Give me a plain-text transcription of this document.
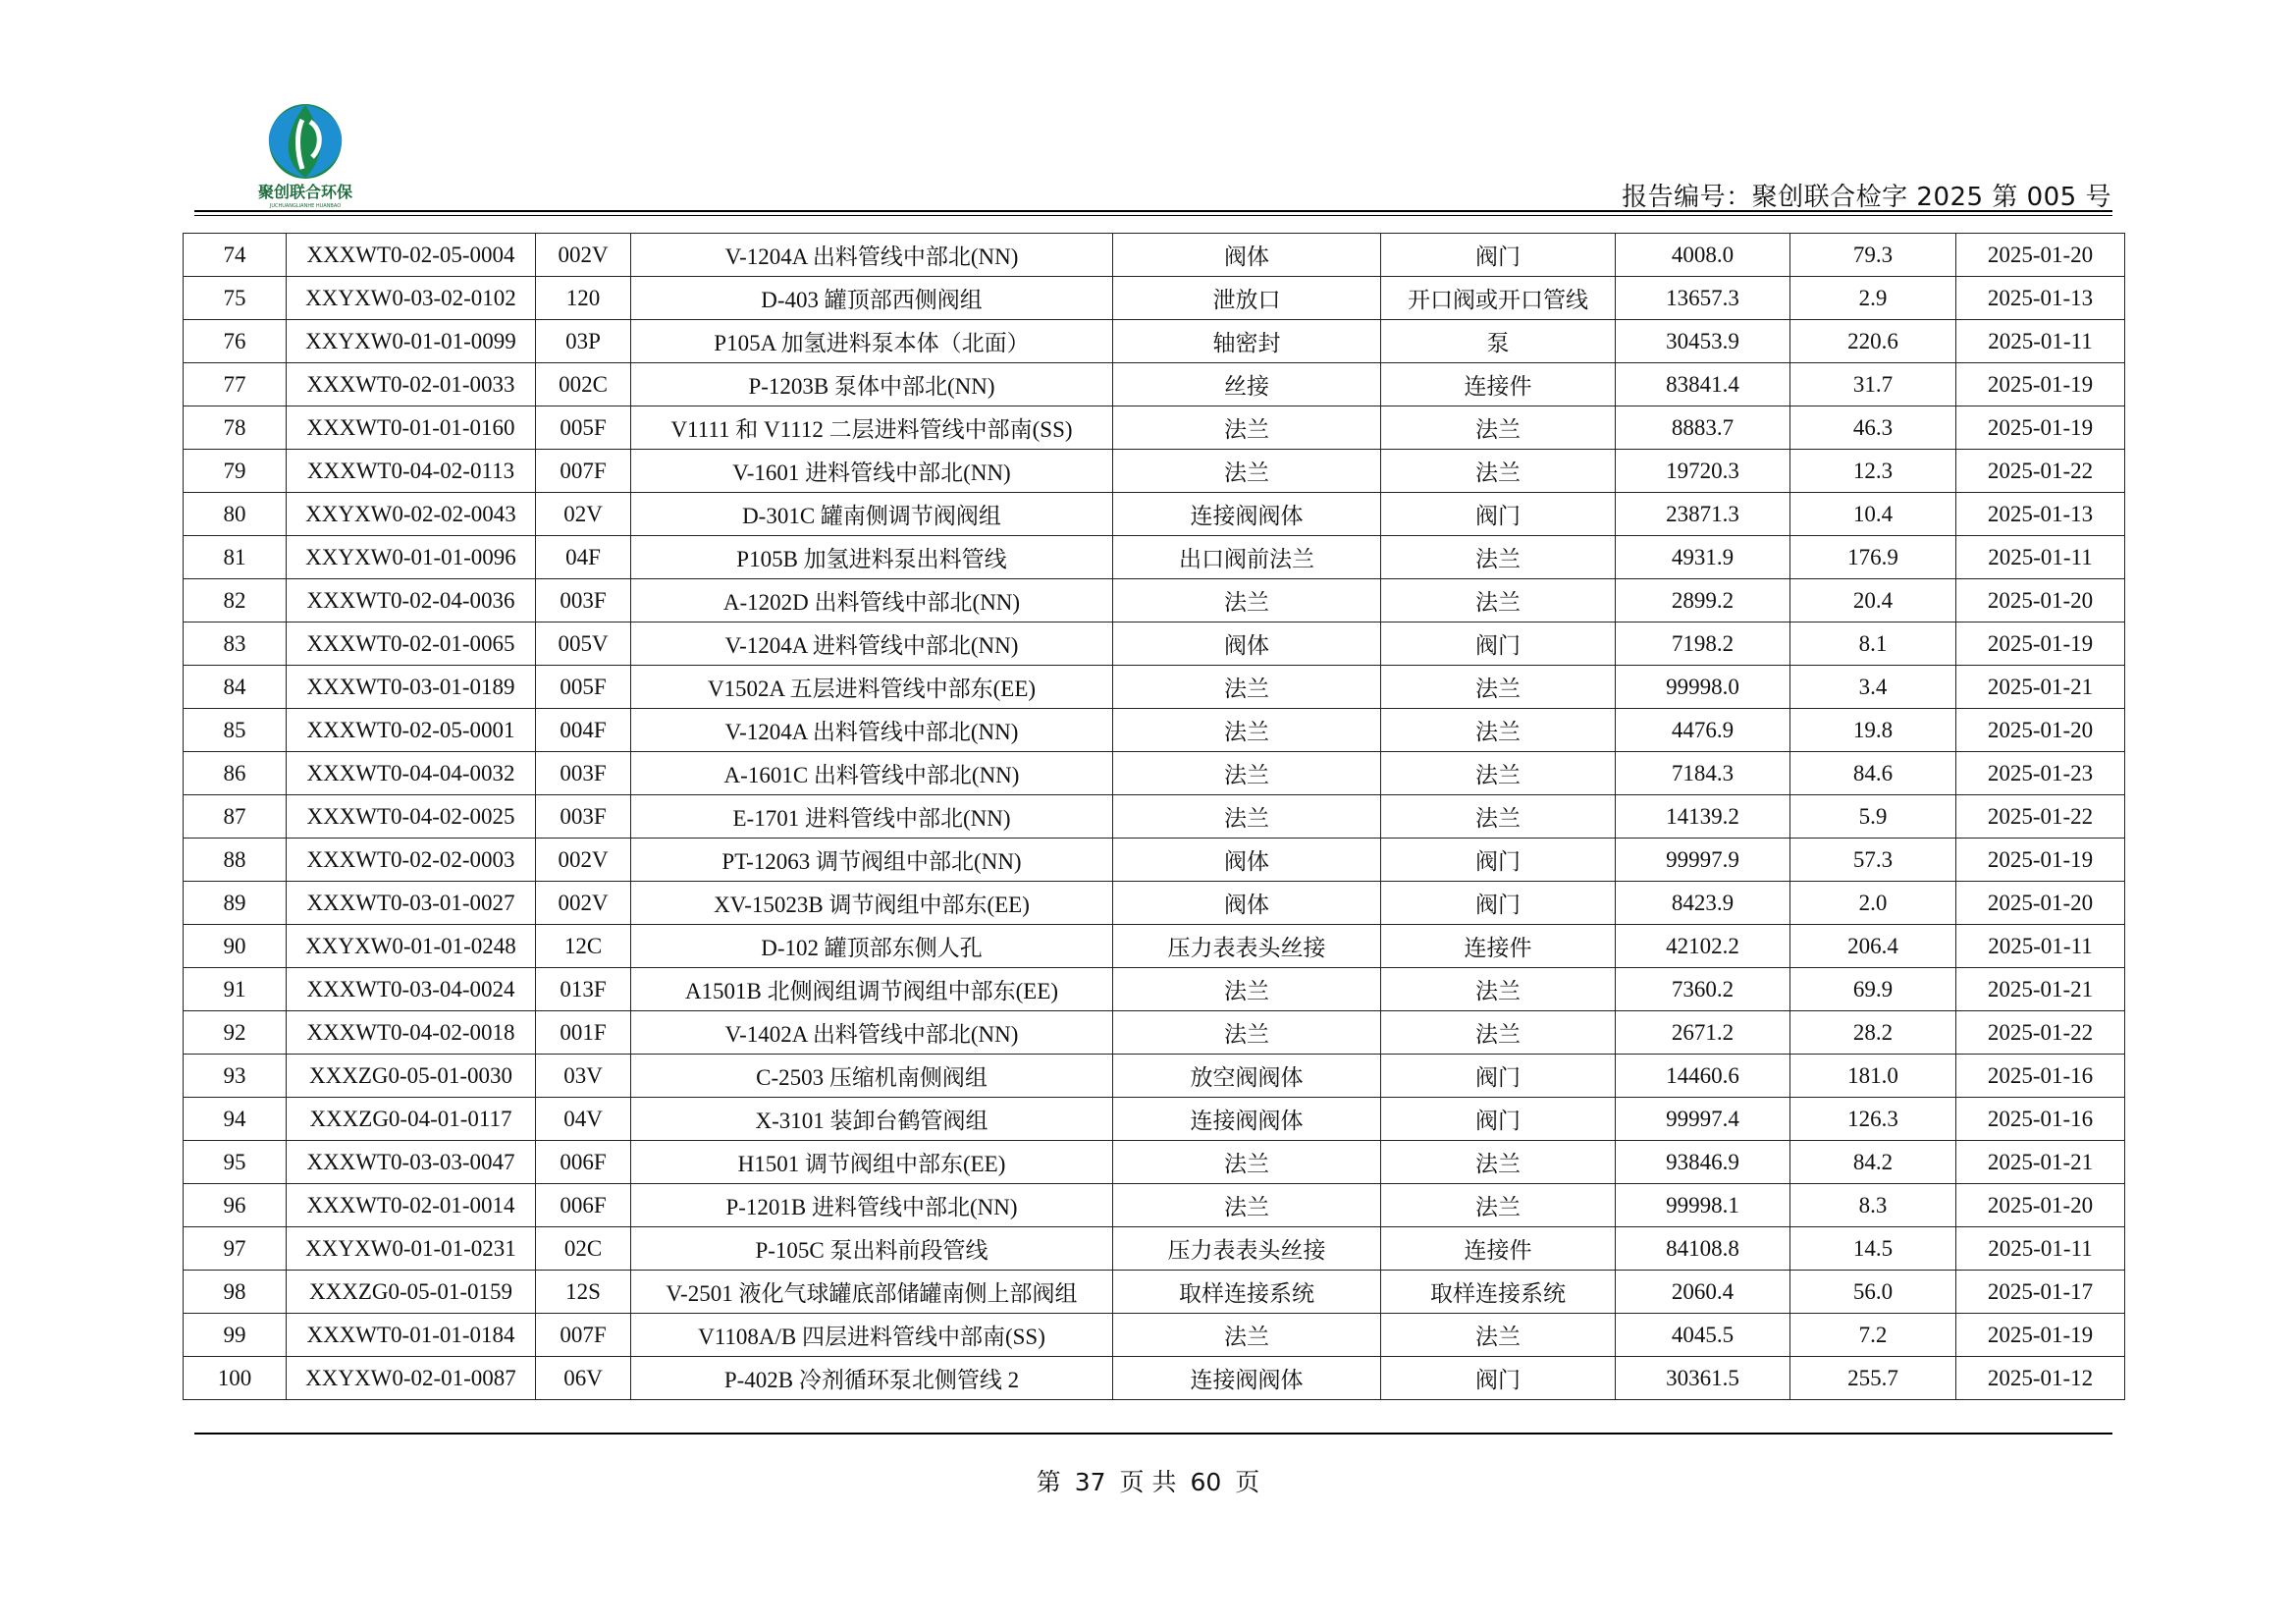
聚创联合环保
JUCHUANGLIANHE HUANBAO	报告编号：聚创联合检字 2025 第 005 号
74	XXXWT0-02-05-0004	002V	V-1204A 出料管线中部北(NN)	阀体	阀门	4008.0	79.3	2025-01-20
75	XXYXW0-03-02-0102	120	D-403 罐顶部西侧阀组	泄放口	开口阀或开口管线	13657.3	2.9	2025-01-13
76	XXYXW0-01-01-0099	03P	P105A 加氢进料泵本体（北面）	轴密封	泵	30453.9	220.6	2025-01-11
77	XXXWT0-02-01-0033	002C	P-1203B 泵体中部北(NN)	丝接	连接件	83841.4	31.7	2025-01-19
78	XXXWT0-01-01-0160	005F	V1111 和 V1112 二层进料管线中部南(SS)	法兰	法兰	8883.7	46.3	2025-01-19
79	XXXWT0-04-02-0113	007F	V-1601 进料管线中部北(NN)	法兰	法兰	19720.3	12.3	2025-01-22
80	XXYXW0-02-02-0043	02V	D-301C 罐南侧调节阀阀组	连接阀阀体	阀门	23871.3	10.4	2025-01-13
81	XXYXW0-01-01-0096	04F	P105B 加氢进料泵出料管线	出口阀前法兰	法兰	4931.9	176.9	2025-01-11
82	XXXWT0-02-04-0036	003F	A-1202D 出料管线中部北(NN)	法兰	法兰	2899.2	20.4	2025-01-20
83	XXXWT0-02-01-0065	005V	V-1204A 进料管线中部北(NN)	阀体	阀门	7198.2	8.1	2025-01-19
84	XXXWT0-03-01-0189	005F	V1502A 五层进料管线中部东(EE)	法兰	法兰	99998.0	3.4	2025-01-21
85	XXXWT0-02-05-0001	004F	V-1204A 出料管线中部北(NN)	法兰	法兰	4476.9	19.8	2025-01-20
86	XXXWT0-04-04-0032	003F	A-1601C 出料管线中部北(NN)	法兰	法兰	7184.3	84.6	2025-01-23
87	XXXWT0-04-02-0025	003F	E-1701 进料管线中部北(NN)	法兰	法兰	14139.2	5.9	2025-01-22
88	XXXWT0-02-02-0003	002V	PT-12063 调节阀组中部北(NN)	阀体	阀门	99997.9	57.3	2025-01-19
89	XXXWT0-03-01-0027	002V	XV-15023B 调节阀组中部东(EE)	阀体	阀门	8423.9	2.0	2025-01-20
90	XXYXW0-01-01-0248	12C	D-102 罐顶部东侧人孔	压力表表头丝接	连接件	42102.2	206.4	2025-01-11
91	XXXWT0-03-04-0024	013F	A1501B 北侧阀组调节阀组中部东(EE)	法兰	法兰	7360.2	69.9	2025-01-21
92	XXXWT0-04-02-0018	001F	V-1402A 出料管线中部北(NN)	法兰	法兰	2671.2	28.2	2025-01-22
93	XXXZG0-05-01-0030	03V	C-2503 压缩机南侧阀组	放空阀阀体	阀门	14460.6	181.0	2025-01-16
94	XXXZG0-04-01-0117	04V	X-3101 装卸台鹤管阀组	连接阀阀体	阀门	99997.4	126.3	2025-01-16
95	XXXWT0-03-03-0047	006F	H1501 调节阀组中部东(EE)	法兰	法兰	93846.9	84.2	2025-01-21
96	XXXWT0-02-01-0014	006F	P-1201B 进料管线中部北(NN)	法兰	法兰	99998.1	8.3	2025-01-20
97	XXYXW0-01-01-0231	02C	P-105C 泵出料前段管线	压力表表头丝接	连接件	84108.8	14.5	2025-01-11
98	XXXZG0-05-01-0159	12S	V-2501 液化气球罐底部储罐南侧上部阀组	取样连接系统	取样连接系统	2060.4	56.0	2025-01-17
99	XXXWT0-01-01-0184	007F	V1108A/B 四层进料管线中部南(SS)	法兰	法兰	4045.5	7.2	2025-01-19
100	XXYXW0-02-01-0087	06V	P-402B 冷剂循环泵北侧管线 2	连接阀阀体	阀门	30361.5	255.7	2025-01-12
第 37 页 共 60 页
